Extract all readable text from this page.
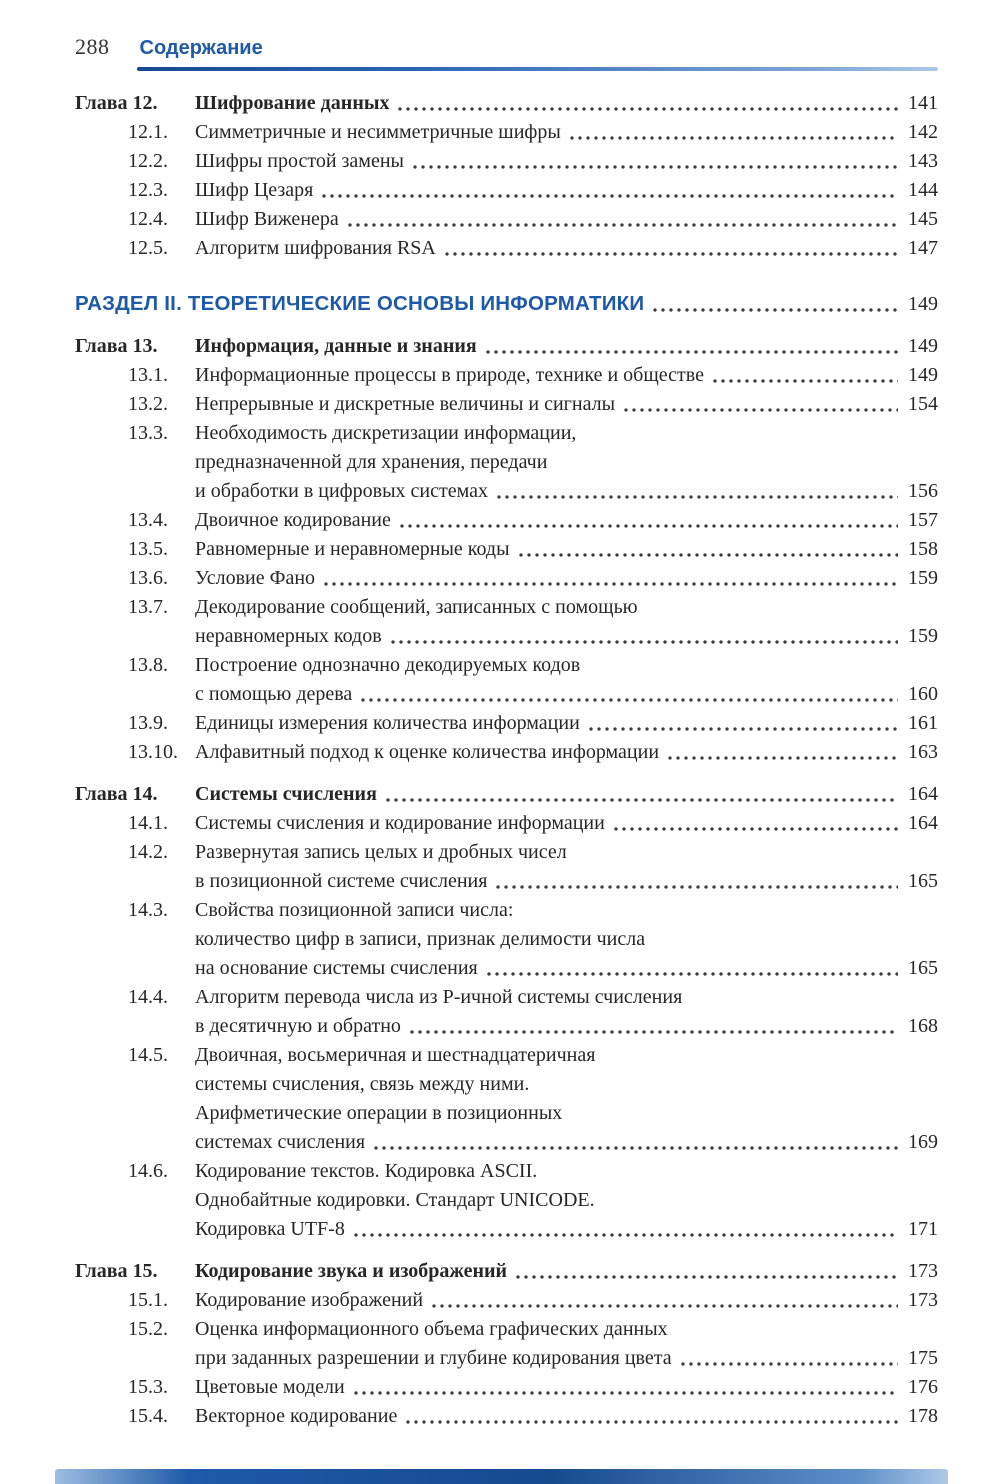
288 Содержание
Глава 12.	Шифрование данных	141
12.1.	Симметричные и несимметричные шифры	142
12.2.	Шифры простой замены	143
12.3.	Шифр Цезаря	144
12.4.	Шифр Виженера	145
12.5.	Алгоритм шифрования RSA	147
РАЗДЕЛ II. ТЕОРЕТИЧЕСКИЕ ОСНОВЫ ИНФОРМАТИКИ	149
Глава 13.	Информация, данные и знания	149
13.1.	Информационные процессы в природе, технике и обществе	149
13.2.	Непрерывные и дискретные величины и сигналы	154
13.3.	Необходимость дискретизации информации,
предназначенной для хранения, передачи
и обработки в цифровых системах	156
13.4.	Двоичное кодирование	157
13.5.	Равномерные и неравномерные коды	158
13.6.	Условие Фано	159
13.7.	Декодирование сообщений, записанных с помощью
неравномерных кодов	159
13.8.	Построение однозначно декодируемых кодов
с помощью дерева	160
13.9.	Единицы измерения количества информации	161
13.10. Алфавитный подход к оценке количества информации	163
Глава 14.	Системы счисления	164
14.1.	Системы счисления и кодирование информации	164
14.2.	Развернутая запись целых и дробных чисел
в позиционной системе счисления	165
14.3.	Свойства позиционной записи числа:
количество цифр в записи, признак делимости числа
на основание системы счисления	165
14.4.	Алгоритм перевода числа из Р-ичной системы счисления
в десятичную и обратно	168
14.5.	Двоичная, восьмеричная и шестнадцатеричная
системы счисления, связь между ними.
Арифметические операции в позиционных
системах счисления	169
14.6.	Кодирование текстов. Кодировка ASCII.
Однобайтные кодировки. Стандарт UNICODE.
Кодировка UTF-8	171
Глава 15.	Кодирование звука и изображений	173
15.1.	Кодирование изображений	173
15.2.	Оценка информационного объема графических данных
при заданных разрешении и глубине кодирования цвета	175
15.3.	Цветовые модели	176
15.4.	Векторное кодирование	178
